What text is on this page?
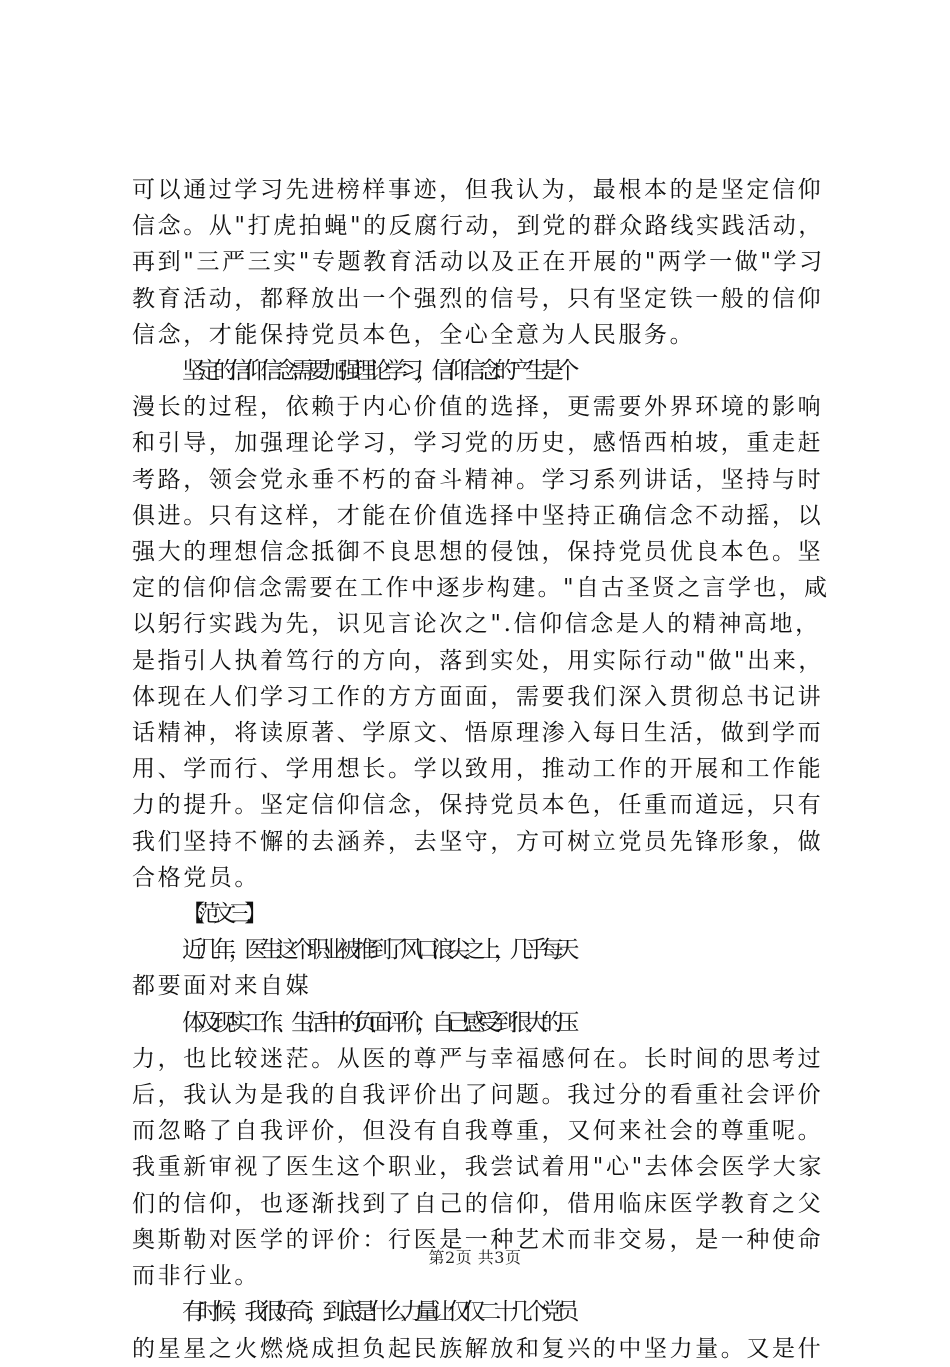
可以通过学习先进榜样事迹，但我认为，最根本的是坚定信仰
信念。从"打虎拍蝇"的反腐行动，到党的群众路线实践活动，
再到"三严三实"专题教育活动以及正在开展的"两学一做"学习
教育活动，都释放出一个强烈的信号，只有坚定铁一般的信仰
信念，才能保持党员本色，全心全意为人民服务。
坚定的信仰信念需要加强理论学习，信仰信念的产生是个
漫长的过程，依赖于内心价值的选择，更需要外界环境的影响
和引导，加强理论学习，学习党的历史，感悟西柏坡，重走赶
考路，领会党永垂不朽的奋斗精神。学习系列讲话，坚持与时
俱进。只有这样，才能在价值选择中坚持正确信念不动摇，以
强大的理想信念抵御不良思想的侵蚀，保持党员优良本色。坚
定的信仰信念需要在工作中逐步构建。"自古圣贤之言学也，咸
以躬行实践为先，识见言论次之".信仰信念是人的精神高地，
是指引人执着笃行的方向，落到实处，用实际行动"做"出来，
体现在人们学习工作的方方面面，需要我们深入贯彻总书记讲
话精神，将读原著、学原文、悟原理渗入每日生活，做到学而
用、学而行、学用想长。学以致用，推动工作的开展和工作能
力的提升。坚定信仰信念，保持党员本色，任重而道远，只有
我们坚持不懈的去涵养，去坚守，方可树立党员先锋形象，做
合格党员。
【范文三】
近几年，医生这个职业被推到了风口浪尖之上，几乎每天
都要面对来自媒
体及现实工作、生活中的负面评价，自己感受到很大的压
力，也比较迷茫。从医的尊严与幸福感何在。长时间的思考过
后，我认为是我的自我评价出了问题。我过分的看重社会评价
而忽略了自我评价，但没有自我尊重，又何来社会的尊重呢。
我重新审视了医生这个职业，我尝试着用"心"去体会医学大家
们的信仰，也逐渐找到了自己的信仰，借用临床医学教育之父
奥斯勒对医学的评价：行医是一种艺术而非交易，是一种使命
而非行业。
有时候，我很好奇，到底是什么力量让仅仅二十几个党员
的星星之火燃烧成担负起民族解放和复兴的中坚力量。又是什

第2页 共3页
